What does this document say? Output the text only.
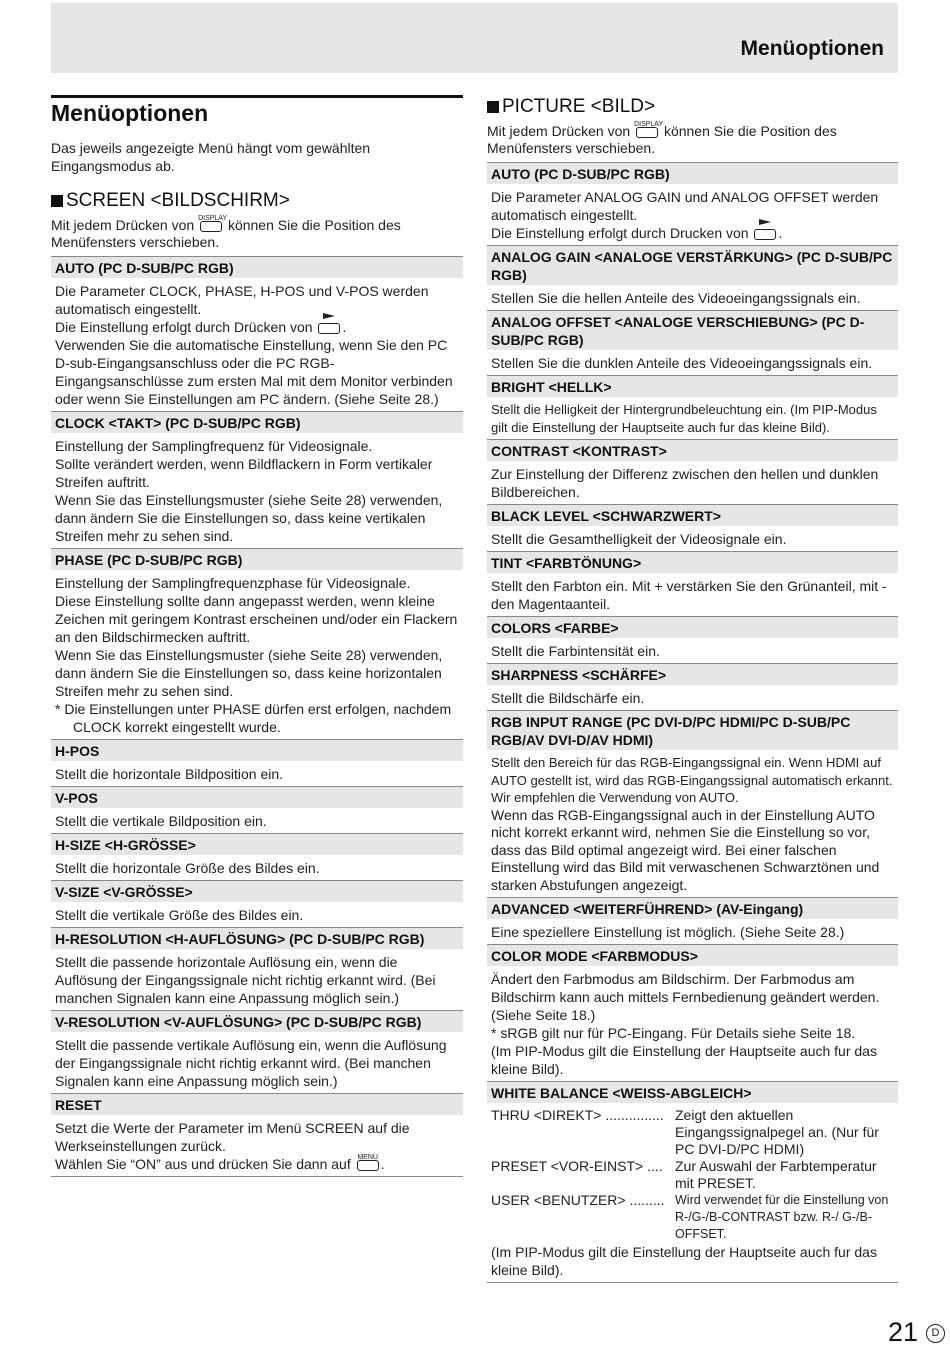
Menüoptionen
Menüoptionen

Das jeweils angezeigte Menü hängt vom gewählten Eingangsmodus ab.

SCREEN <BILDSCHIRM>

Mit jedem Drücken von DISPLAY
können Sie die Position des Menüfensters verschieben.

AUTO (PC D-SUB/PC RGB)

Die Parameter CLOCK, PHASE, H-POS und V-POS werden automatisch eingestellt.

Die Einstellung erfolgt durch Drücken von
.

Verwenden Sie die automatische Einstellung, wenn Sie den PC D-sub-Eingangsanschluss oder die PC RGB-Eingangsanschlüsse zum ersten Mal mit dem Monitor verbinden oder wenn Sie Einstellungen am PC ändern. (Siehe Seite 28.)

CLOCK <TAKT> (PC D-SUB/PC RGB)

Einstellung der Samplingfrequenz für Videosignale.

Sollte verändert werden, wenn Bildflackern in Form vertikaler Streifen auftritt.

Wenn Sie das Einstellungsmuster (siehe Seite 28) verwenden, dann ändern Sie die Einstellungen so, dass keine vertikalen Streifen mehr zu sehen sind.

PHASE (PC D-SUB/PC RGB)

Einstellung der Samplingfrequenzphase für Videosignale.

Diese Einstellung sollte dann angepasst werden, wenn kleine Zeichen mit geringem Kontrast erscheinen und/oder ein Flackern an den Bildschirmecken auftritt.

Wenn Sie das Einstellungsmuster (siehe Seite 28) verwenden, dann ändern Sie die Einstellungen so, dass keine horizontalen Streifen mehr zu sehen sind.

* Die Einstellungen unter PHASE dürfen erst erfolgen, nachdem CLOCK korrekt eingestellt wurde.

H-POS
Stellt die horizontale Bildposition ein.
V-POS
Stellt die vertikale Bildposition ein.
H-SIZE <H-GRÖSSE>
Stellt die horizontale Größe des Bildes ein.
V-SIZE <V-GRÖSSE>
Stellt die vertikale Größe des Bildes ein.
H-RESOLUTION <H-AUFLÖSUNG> (PC D-SUB/PC RGB)
Stellt die passende horizontale Auflösung ein, wenn die Auflösung der Eingangssignale nicht richtig erkannt wird. (Bei manchen Signalen kann eine Anpassung möglich sein.)
V-RESOLUTION <V-AUFLÖSUNG> (PC D-SUB/PC RGB)
Stellt die passende vertikale Auflösung ein, wenn die Auflösung der Eingangssignale nicht richtig erkannt wird. (Bei manchen Signalen kann eine Anpassung möglich sein.)
RESET

Setzt die Werte der Parameter im Menü SCREEN auf die Werkseinstellungen zurück.

Wählen Sie “ON” aus und drücken Sie dann auf MENU .

PICTURE <BILD>

Mit jedem Drücken von DISPLAY
können Sie die Position des Menüfensters verschieben.

AUTO (PC D-SUB/PC RGB)

Die Parameter ANALOG GAIN und ANALOG OFFSET werden automatisch eingestellt.

Die Einstellung erfolgt durch Drucken von
.

ANALOG GAIN <ANALOGE VERSTÄRKUNG> (PC D-SUB/PC RGB)
Stellen Sie die hellen Anteile des Videoeingangssignals ein.
ANALOG OFFSET <ANALOGE VERSCHIEBUNG> (PC D-SUB/PC RGB)
Stellen Sie die dunklen Anteile des Videoeingangssignals ein.
BRIGHT <HELLK>
Stellt die Helligkeit der Hintergrundbeleuchtung ein. (Im PIP-Modus gilt die Einstellung der Hauptseite auch fur das kleine Bild).
CONTRAST <KONTRAST>
Zur Einstellung der Differenz zwischen den hellen und dunklen Bildbereichen.
BLACK LEVEL <SCHWARZWERT>
Stellt die Gesamthelligkeit der Videosignale ein.
TINT <FARBTÖNUNG>
Stellt den Farbton ein. Mit + verstärken Sie den Grünanteil, mit - den Magentaanteil.
COLORS <FARBE>
Stellt die Farbintensität ein.
SHARPNESS <SCHÄRFE>
Stellt die Bildschärfe ein.
RGB INPUT RANGE (PC DVI-D/PC HDMI/PC D-SUB/PC RGB/AV DVI-D/AV HDMI)

Stellt den Bereich für das RGB-Eingangssignal ein. Wenn HDMI auf AUTO gestellt ist, wird das RGB-Eingangssignal automatisch erkannt. Wir empfehlen die Verwendung von AUTO.

Wenn das RGB-Eingangssignal auch in der Einstellung AUTO nicht korrekt erkannt wird, nehmen Sie die Einstellung so vor, dass das Bild optimal angezeigt wird. Bei einer falschen Einstellung wird das Bild mit verwaschenen Schwarztönen und starken Abstufungen angezeigt.

ADVANCED <WEITERFÜHREND> (AV-Eingang)
Eine speziellere Einstellung ist möglich. (Siehe Seite 28.)
COLOR MODE <FARBMODUS>

Ändert den Farbmodus am Bildschirm. Der Farbmodus am Bildschirm kann auch mittels Fernbedienung geändert werden. (Siehe Seite 18.)

* sRGB gilt nur für PC-Eingang. Für Details siehe Seite 18.

(Im PIP-Modus gilt die Einstellung der Hauptseite auch fur das kleine Bild).

WHITE BALANCE <WEISS-ABGLEICH>
THRU <DIREKT> ............... Zeigt den aktuellen Eingangssignalpegel an. (Nur für PC DVI-D/PC HDMI)
PRESET <VOR-EINST> .... Zur Auswahl der Farbtemperatur mit PRESET.
USER <BENUTZER> ......... Wird verwendet für die Einstellung von R-/G-/B-CONTRAST bzw. R-/ G-/B-OFFSET.

(Im PIP-Modus gilt die Einstellung der Hauptseite auch fur das kleine Bild).

21	D
